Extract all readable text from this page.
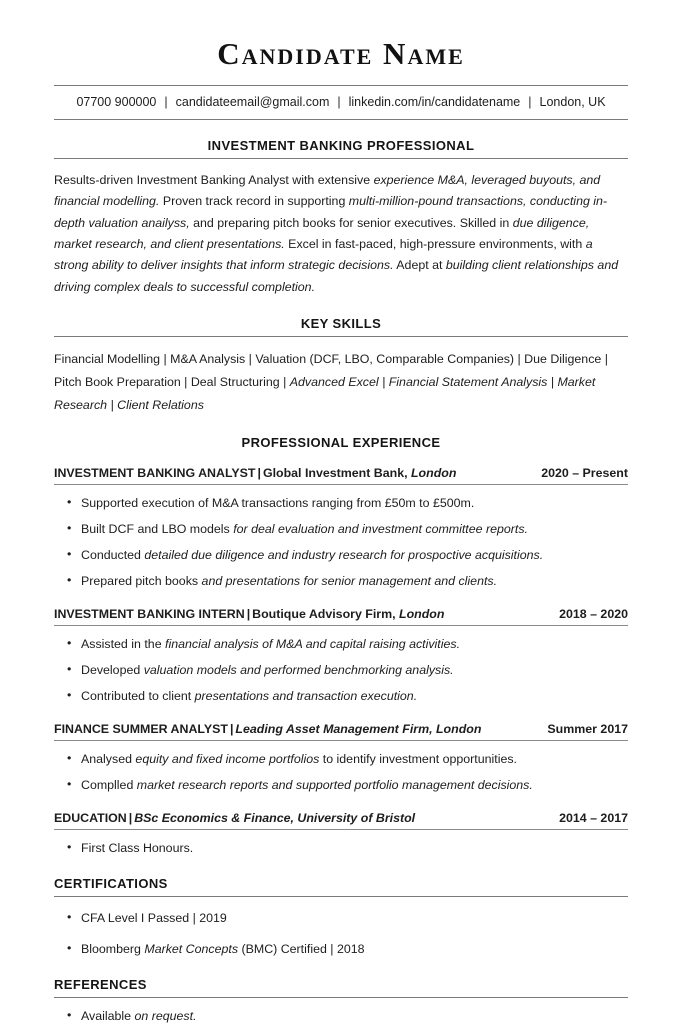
Candidate Name
07700 900000 | candidateemail@gmail.com | linkedin.com/in/candidatename | London, UK
INVESTMENT BANKING PROFESSIONAL

Results-driven Investment Banking Analyst with extensive experience M&A, leveraged buyouts, and financial modelling. Proven track record in supporting multi-million-pound transactions, conducting in-depth valuation anailyss, and preparing pitch books for senior executives. Skilled in due diligence, market research, and client presentations. Excel in fast-paced, high-pressure environments, with a strong ability to deliver insights that inform strategic decisions. Adept at building client relationships and driving complex deals to successful completion.

KEY SKILLS

Financial Modelling | M&A Analysis | Valuation (DCF, LBO, Comparable Companies) | Due Diligence | Pitch Book Preparation | Deal Structuring | Advanced Excel | Financial Statement Analysis | Market Research | Client Relations

PROFESSIONAL EXPERIENCE
INVESTMENT BANKING ANALYST | Global Investment Bank, London	2020 – Present
• Supported execution of M&A transactions ranging from £50m to £500m.
• Built DCF and LBO models for deal evaluation and investment committee reports.
• Conducted detailed due diligence and industry research for prospoctive acquisitions.
• Prepared pitch books and presentations for senior management and clients.
INVESTMENT BANKING INTERN | Boutique Advisory Firm, London	2018 – 2020
• Assisted in the financial analysis of M&A and capital raising activities.
• Developed valuation models and performed benchmorking analysis.
• Contributed to client presentations and transaction execution.
FINANCE SUMMER ANALYST | Leading Asset Management Firm, London	Summer 2017
• Analysed equity and fixed income portfolios to identify investment opportunities.
• Complled market research reports and supported portfolio management decisions.
EDUCATION | BSc Economics & Finance, University of Bristol	2014 – 2017
• First Class Honours.
CERTIFICATIONS
• CFA Level I Passed | 2019
• Bloomberg Market Concepts (BMC) Certified | 2018
REFERENCES
• Available on request.
